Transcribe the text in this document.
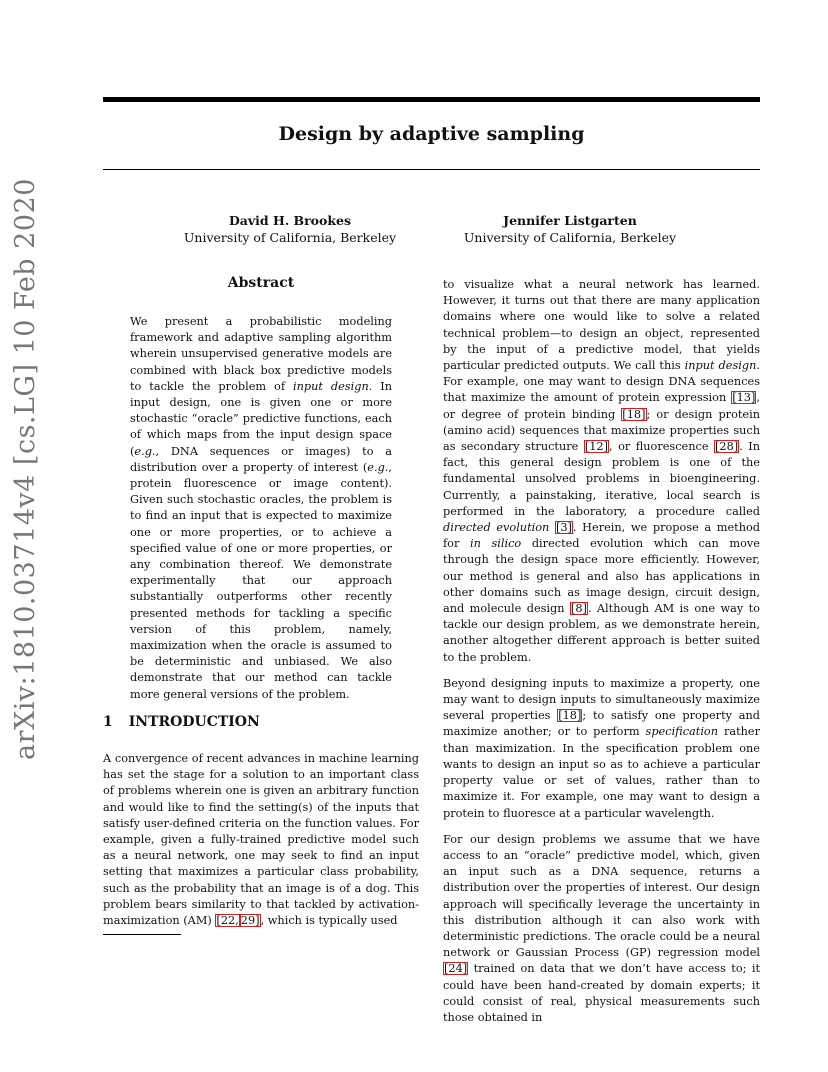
Design by adaptive sampling
David H. Brookes
University of California, Berkeley
Jennifer Listgarten
University of California, Berkeley
arXiv:1810.03714v4 [cs.LG] 10 Feb 2020	Abstract

We present a probabilistic modeling framework and adaptive sampling algorithm wherein unsupervised generative models are combined with black box predictive models to tackle the problem of input design. In input design, one is given one or more stochastic “oracle” predictive functions, each of which maps from the input design space (e.g., DNA sequences or images) to a distribution over a property of interest (e.g., protein fluorescence or image content). Given such stochastic oracles, the problem is to find an input that is expected to maximize one or more properties, or to achieve a specified value of one or more properties, or any combination thereof. We demonstrate experimentally that our approach substantially outperforms other recently presented methods for tackling a specific version of this problem, namely, maximization when the oracle is assumed to be deterministic and unbiased. We also demonstrate that our method can tackle more general versions of the problem.

1 INTRODUCTION

A convergence of recent advances in machine learning has set the stage for a solution to an important class of problems wherein one is given an arbitrary function and would like to find the setting(s) of the inputs that satisfy user-defined criteria on the function values. For example, given a fully-trained predictive model such as a neural network, one may seek to find an input setting that maximizes a particular class probability, such as the probability that an image is of a dog. This problem bears similarity to that tackled by activation-maximization (AM) [22, 29], which is typically used

to visualize what a neural network has learned. However, it turns out that there are many application domains where one would like to solve a related technical problem—to design an object, represented by the input of a predictive model, that yields particular predicted outputs. We call this input design. For example, one may want to design DNA sequences that maximize the amount of protein expression [13], or degree of protein binding [18]; or design protein (amino acid) sequences that maximize properties such as secondary structure [12], or fluorescence [28]. In fact, this general design problem is one of the fundamental unsolved problems in bioengineering. Currently, a painstaking, iterative, local search is performed in the laboratory, a procedure called directed evolution [3]. Herein, we propose a method for in silico directed evolution which can move through the design space more efficiently. However, our method is general and also has applications in other domains such as image design, circuit design, and molecule design [8]. Although AM is one way to tackle our design problem, as we demonstrate herein, another altogether different approach is better suited to the problem.

Beyond designing inputs to maximize a property, one may want to design inputs to simultaneously maximize several properties [18]; to satisfy one property and maximize another; or to perform specification rather than maximization. In the specification problem one wants to design an input so as to achieve a particular property value or set of values, rather than to maximize it. For example, one may want to design a protein to fluoresce at a particular wavelength.

For our design problems we assume that we have access to an “oracle” predictive model, which, given an input such as a DNA sequence, returns a distribution over the properties of interest. Our design approach will specifically leverage the uncertainty in this distribution although it can also work with deterministic predictions. The oracle could be a neural network or Gaussian Process (GP) regression model [24] trained on data that we don’t have access to; it could have been hand-created by domain experts; it could consist of real, physical measurements such those obtained in
